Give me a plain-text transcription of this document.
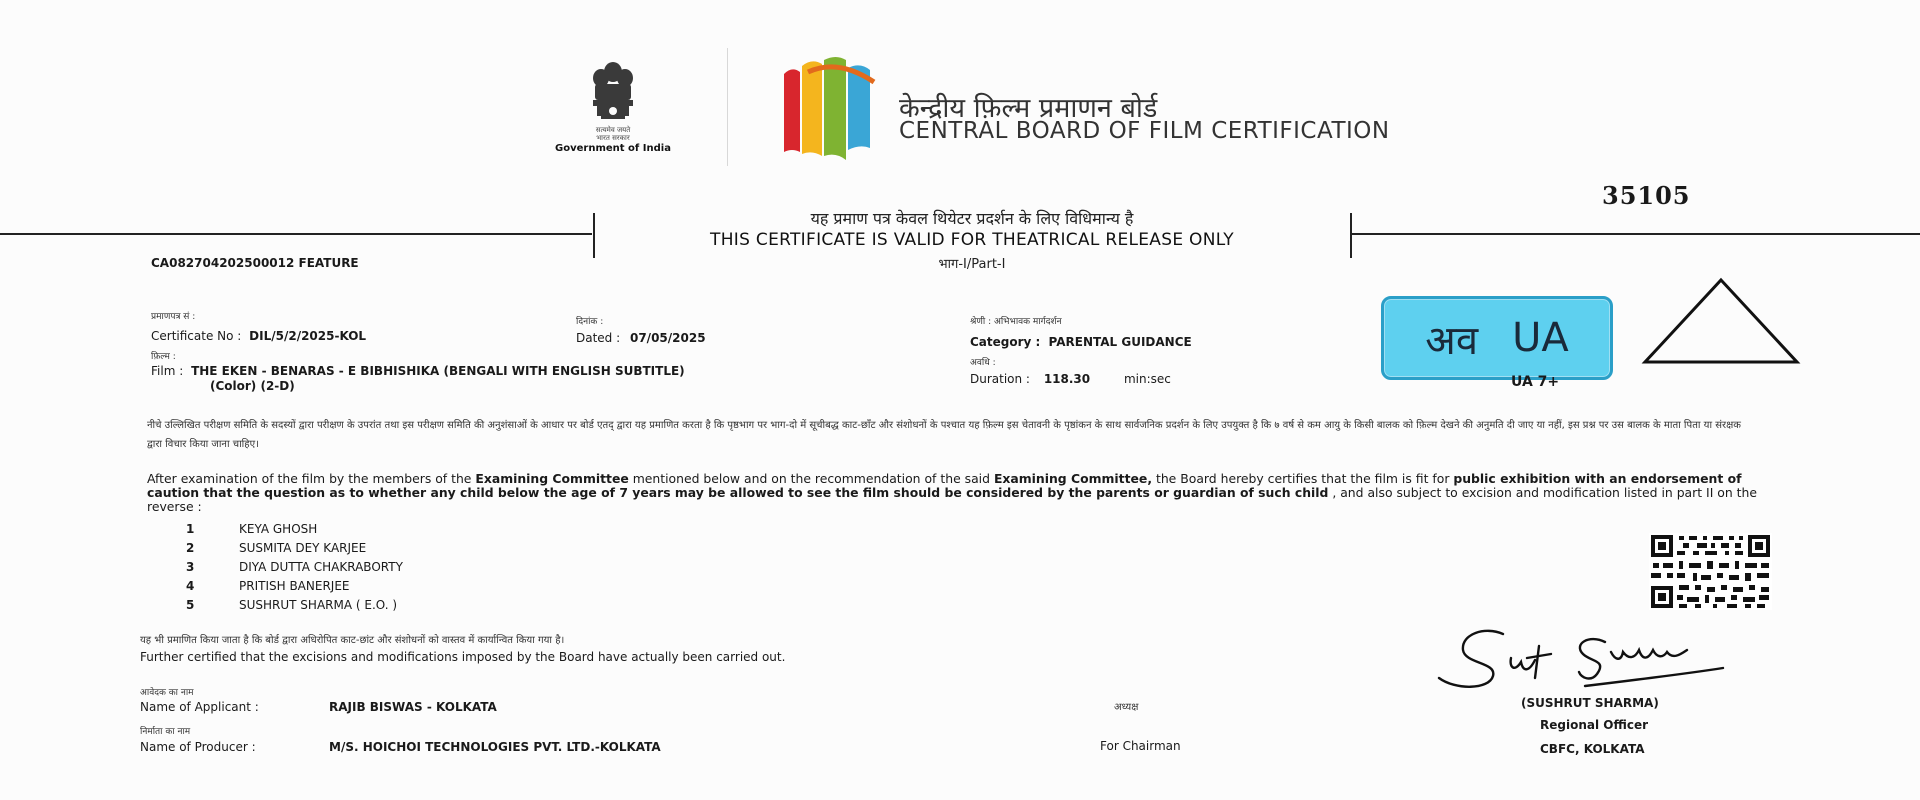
सत्यमेव जयते
भारत सरकार
Government of India
केन्द्रीय फ़िल्म प्रमाणन बोर्ड
CENTRAL BOARD OF FILM CERTIFICATION
35105
यह प्रमाण पत्र केवल थियेटर प्रदर्शन के लिए विधिमान्य है
THIS CERTIFICATE IS VALID FOR THEATRICAL RELEASE ONLY
भाग-I/Part-I
CA082704202500012 FEATURE
प्रमाणपत्र सं :
Certificate No : DIL/5/2/2025-KOL
दिनांक :
Dated : 07/05/2025
श्रेणी : अभिभावक मार्गदर्शन
Category : PARENTAL GUIDANCE
फ़िल्म :
Film : THE EKEN - BENARAS - E BIBHISHIKA (BENGALI WITH ENGLISH SUBTITLE)
(Color) (2-D)
अवधि :
Duration : 118.30	min:sec
अव UA
UA 7+
नीचे उल्लिखित परीक्षण समिति के सदस्यों द्वारा परीक्षण के उपरांत तथा इस परीक्षण समिति की अनुशंसाओं के आधार पर बोर्ड एतद् द्वारा यह प्रमाणित करता है कि पृष्ठभाग पर भाग-दो में सूचीबद्ध काट-छाँट और संशोधनों के पश्चात यह फ़िल्म इस चेतावनी के पृष्ठांकन के साथ सार्वजनिक प्रदर्शन के लिए उपयुक्त है कि ७ वर्ष से कम आयु के किसी बालक को फ़िल्म देखने की अनुमति दी जाए या नहीं, इस प्रश्न पर उस बालक के माता पिता या संरक्षक द्वारा विचार किया जाना चाहिए।
After examination of the film by the members of the Examining Committee mentioned below and on the recommendation of the said Examining Committee, the Board hereby certifies that the film is fit for public exhibition with an endorsement of caution that the question as to whether any child below the age of 7 years may be allowed to see the film should be considered by the parents or guardian of such child , and also subject to excision and modification listed in part II on the reverse :
1	KEYA GHOSH
2	SUSMITA DEY KARJEE
3	DIYA DUTTA CHAKRABORTY
4	PRITISH BANERJEE
5	SUSHRUT SHARMA ( E.O. )
यह भी प्रमाणित किया जाता है कि बोर्ड द्वारा अधिरोपित काट-छांट और संशोधनों को वास्तव में कार्यान्वित किया गया है।
Further certified that the excisions and modifications imposed by the Board have actually been carried out.
आवेदक का नाम
Name of Applicant :	RAJIB BISWAS - KOLKATA
निर्माता का नाम
Name of Producer :	M/S. HOICHOI TECHNOLOGIES PVT. LTD.-KOLKATA
अध्यक्ष
For Chairman
(SUSHRUT SHARMA)
Regional Officer
CBFC, KOLKATA
